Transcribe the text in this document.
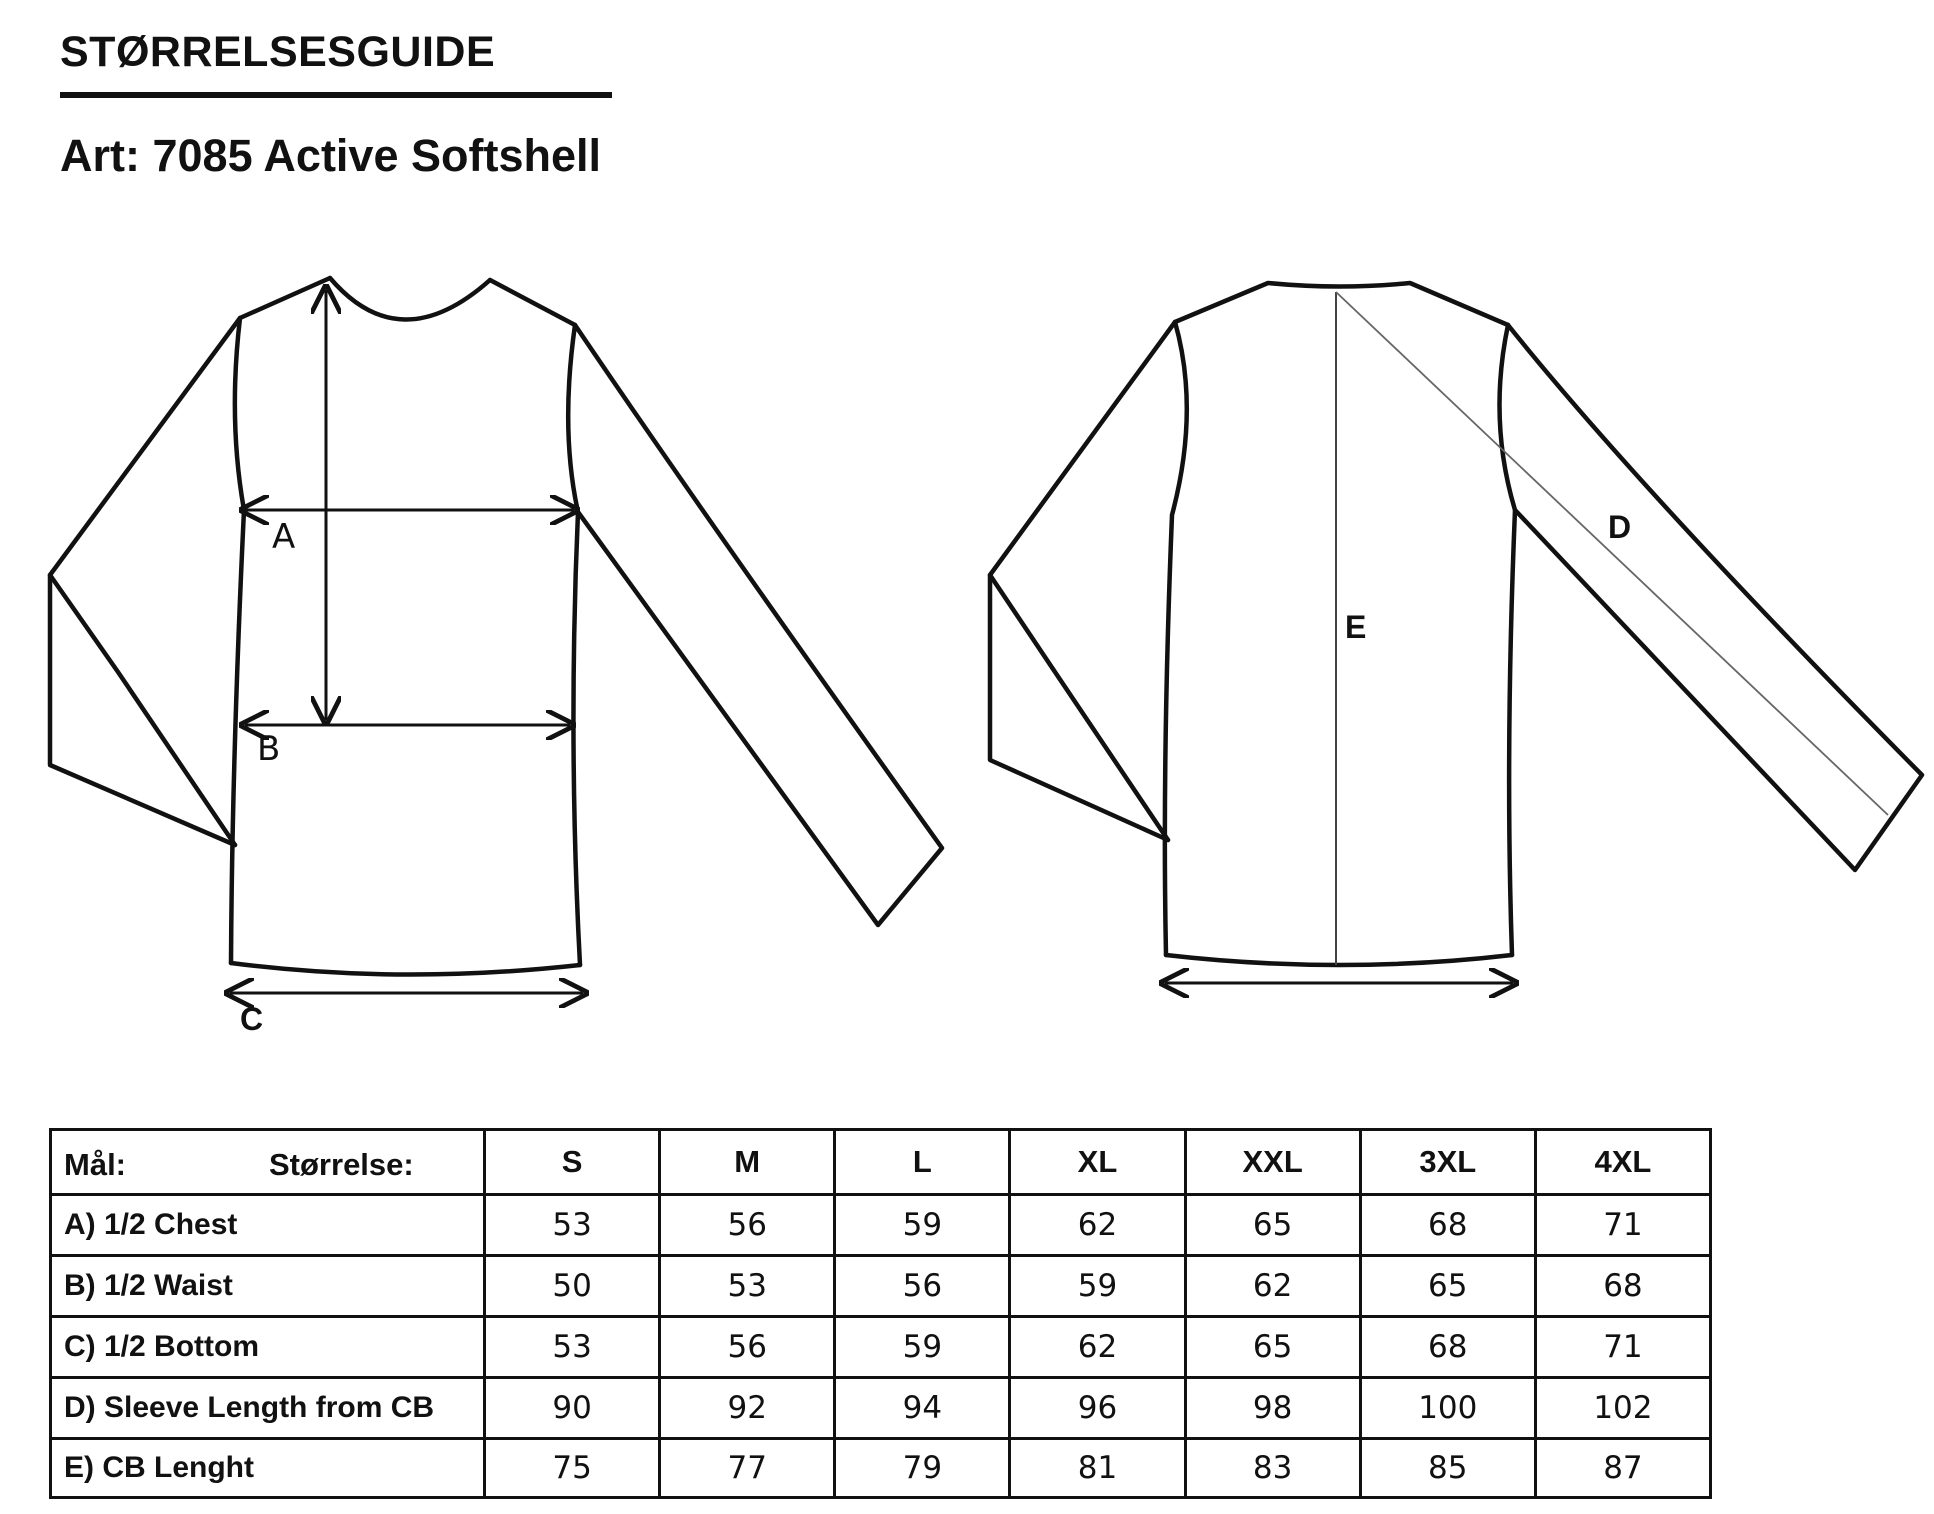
STØRRELSESGUIDE
Art: 7085 Active Softshell
A
B
C
E
D
Mål: Størrelse:	S	M	L	XL	XXL	3XL	4XL
A) 1/2 Chest	53	56	59	62	65	68	71
B) 1/2 Waist	50	53	56	59	62	65	68
C) 1/2 Bottom	53	56	59	62	65	68	71
D) Sleeve Length from CB	90	92	94	96	98	100	102
E) CB Lenght	75	77	79	81	83	85	87
